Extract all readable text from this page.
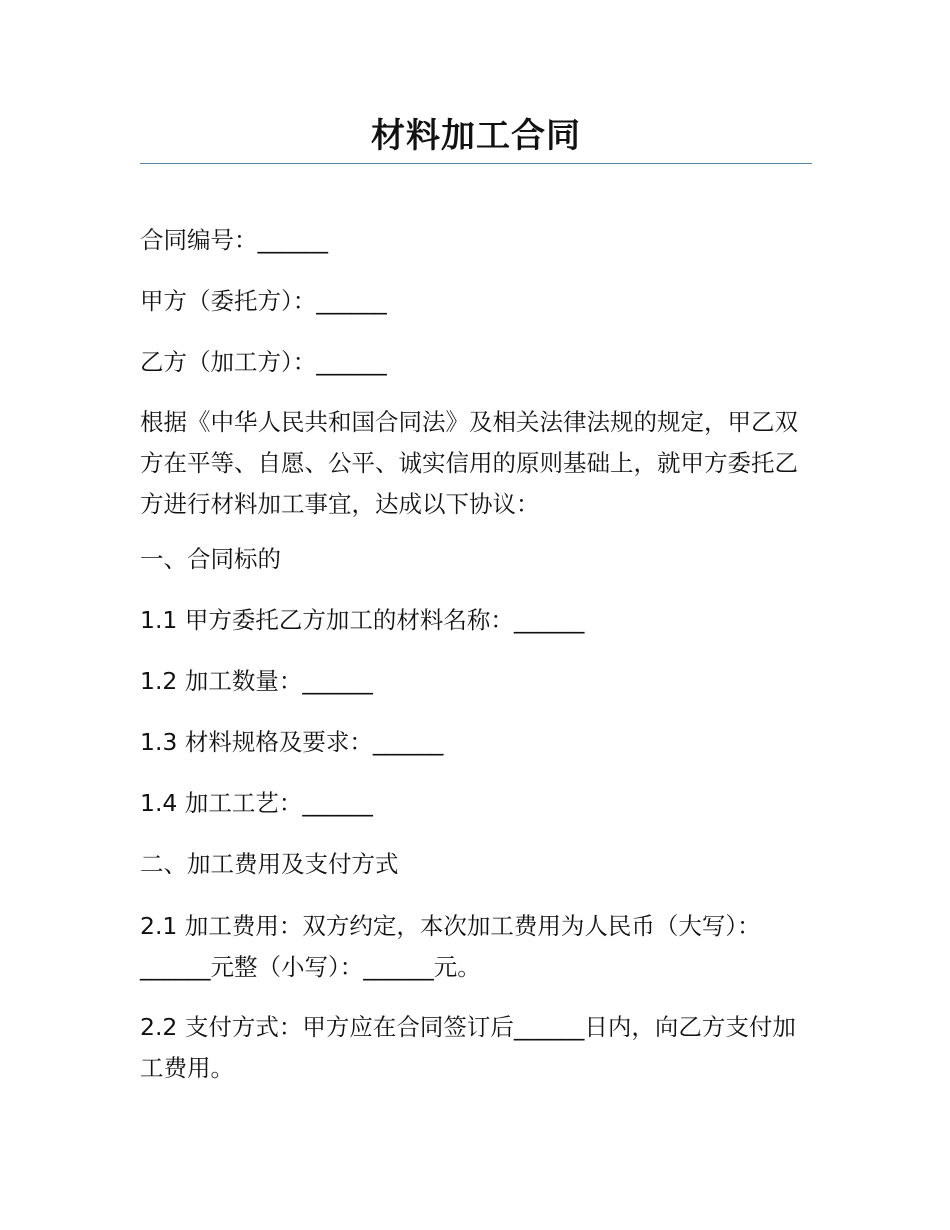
材料加工合同

合同编号：______

甲方（委托方）：______

乙方（加工方）：______

根据《中华人民共和国合同法》及相关法律法规的规定，甲乙双方在平等、自愿、公平、诚实信用的原则基础上，就甲方委托乙方进行材料加工事宜，达成以下协议：

一、合同标的

1.1 甲方委托乙方加工的材料名称：______

1.2 加工数量：______

1.3 材料规格及要求：______

1.4 加工工艺：______

二、加工费用及支付方式

2.1 加工费用：双方约定，本次加工费用为人民币（大写）：______元整（小写）：______元。

2.2 支付方式：甲方应在合同签订后______日内，向乙方支付加工费用。
